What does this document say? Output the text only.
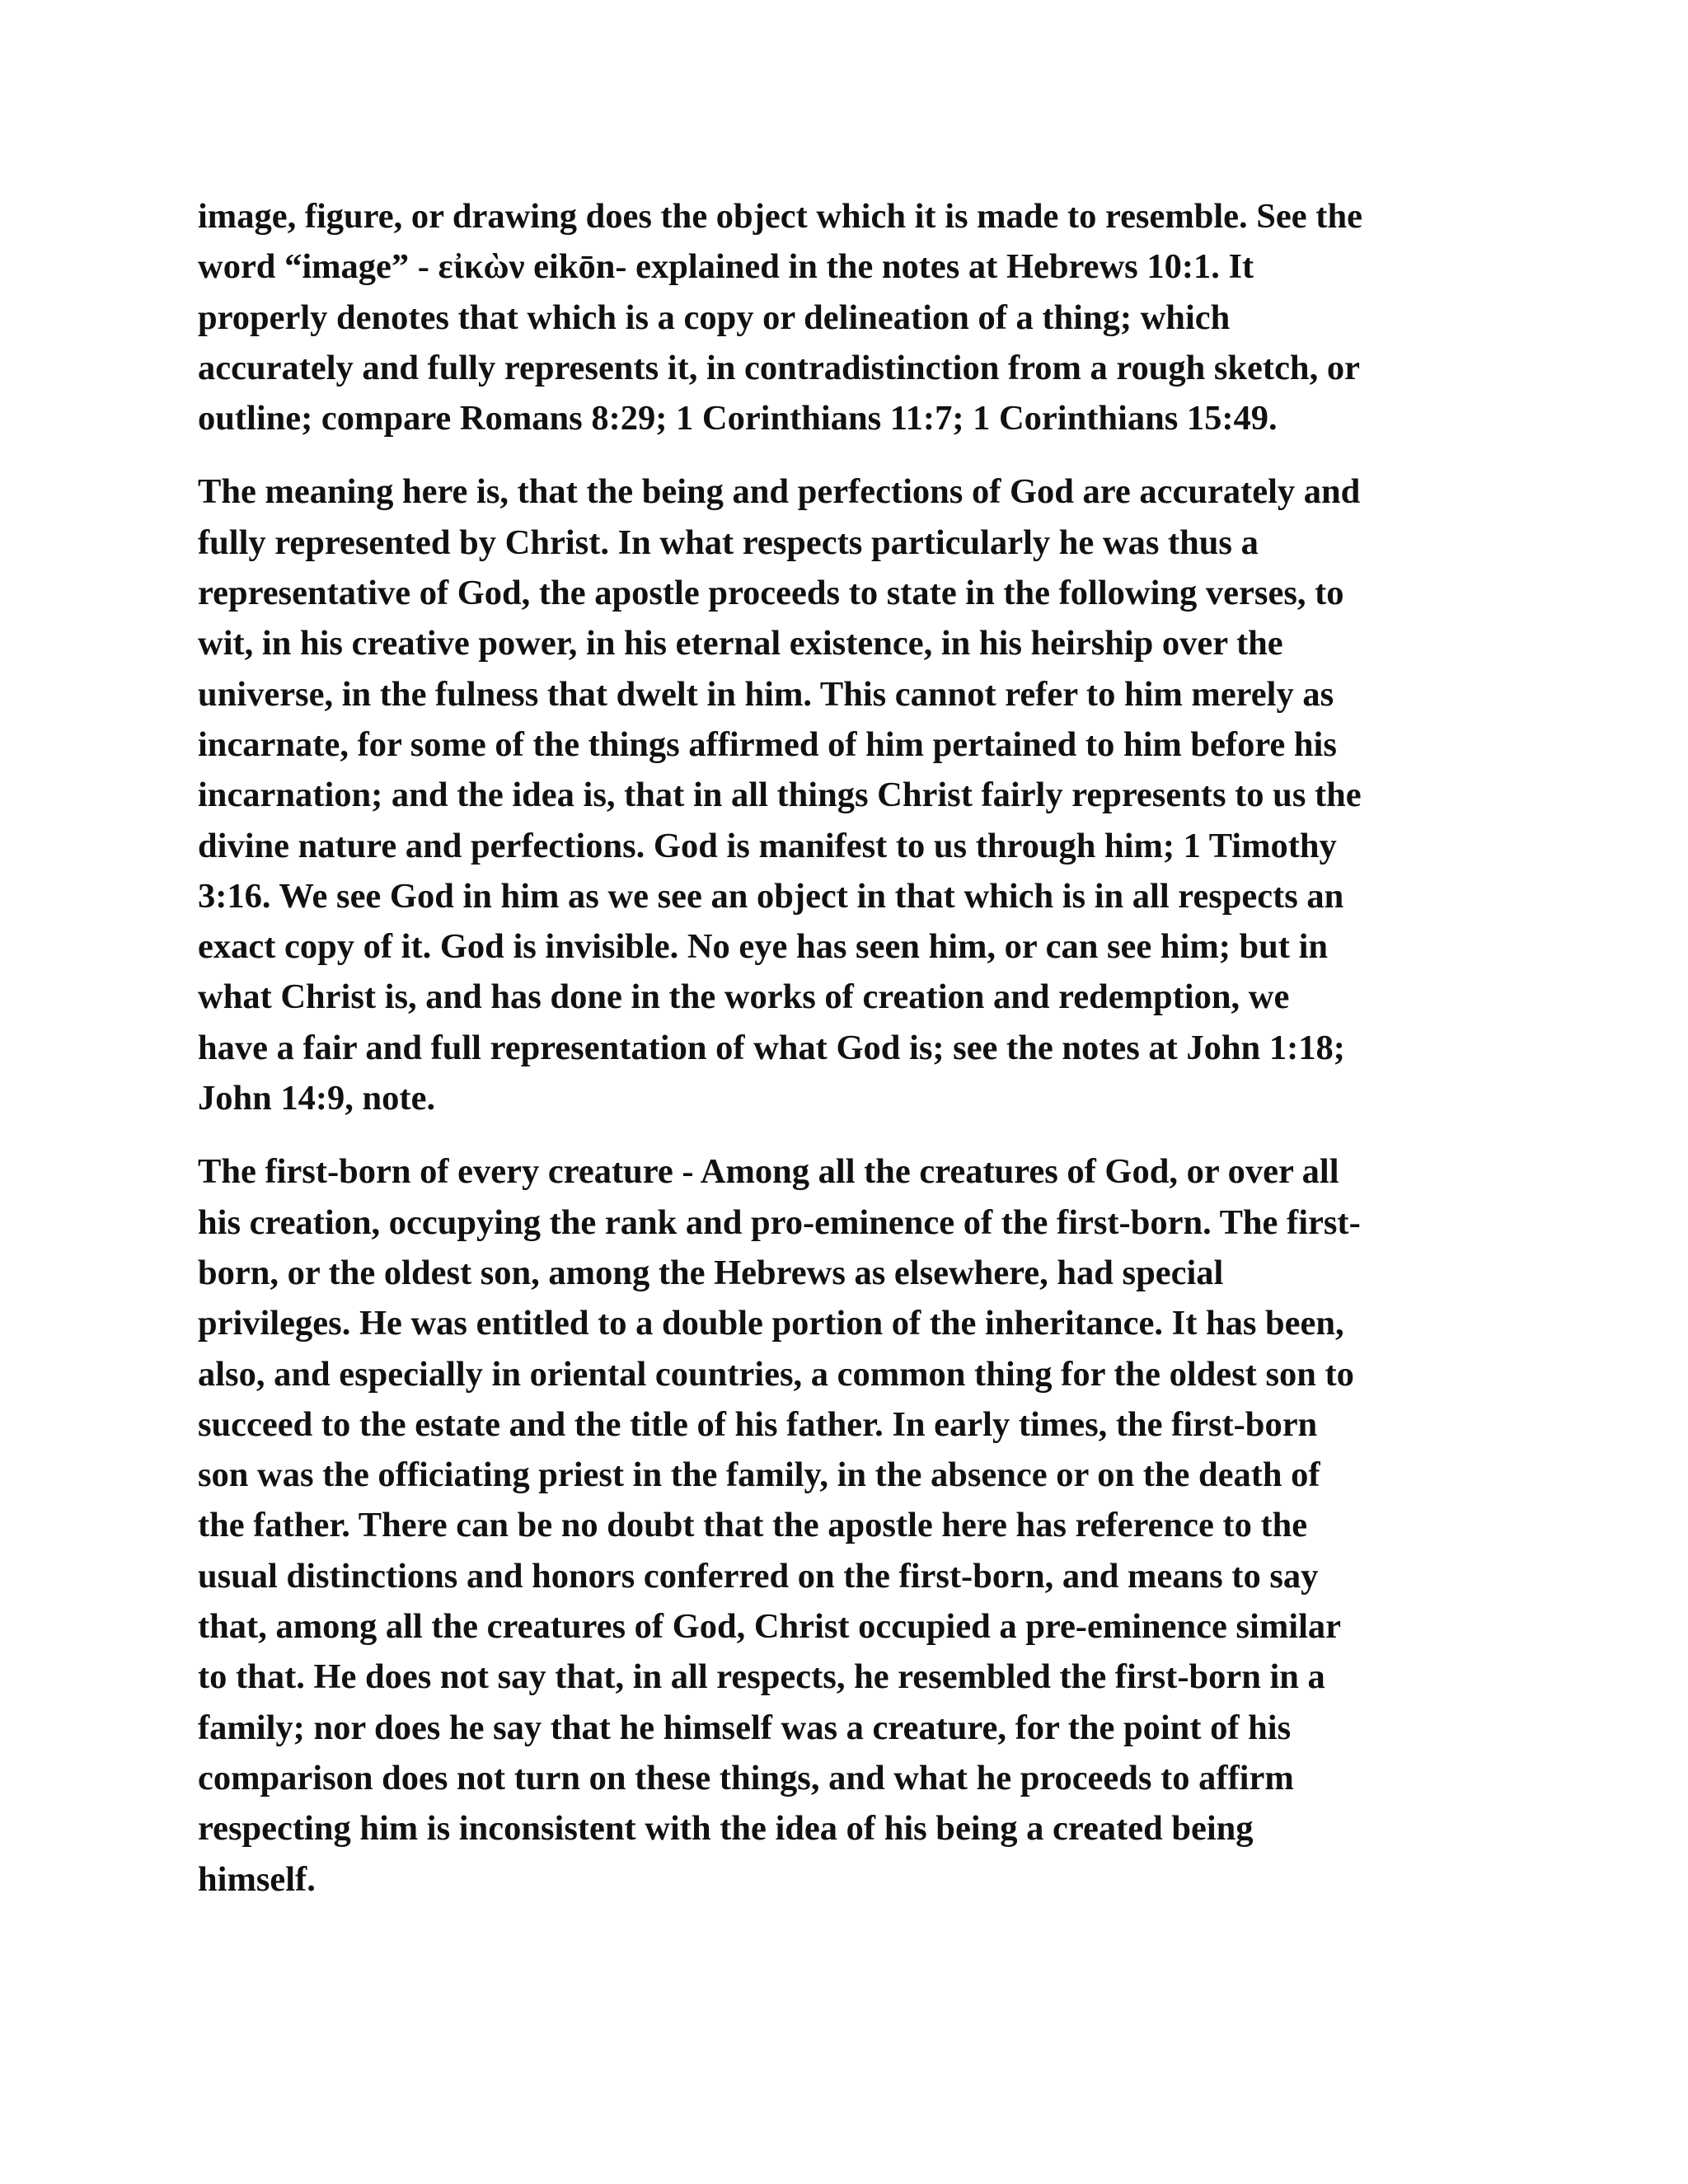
image, figure, or drawing does the object which it is made to resemble. See the
word “image” - εἰκὼν eikōn- explained in the notes at Hebrews 10:1. It
properly denotes that which is a copy or delineation of a thing; which
accurately and fully represents it, in contradistinction from a rough sketch, or
outline; compare Romans 8:29; 1 Corinthians 11:7; 1 Corinthians 15:49.

The meaning here is, that the being and perfections of God are accurately and
fully represented by Christ. In what respects particularly he was thus a
representative of God, the apostle proceeds to state in the following verses, to
wit, in his creative power, in his eternal existence, in his heirship over the
universe, in the fulness that dwelt in him. This cannot refer to him merely as
incarnate, for some of the things affirmed of him pertained to him before his
incarnation; and the idea is, that in all things Christ fairly represents to us the
divine nature and perfections. God is manifest to us through him; 1 Timothy
3:16. We see God in him as we see an object in that which is in all respects an
exact copy of it. God is invisible. No eye has seen him, or can see him; but in
what Christ is, and has done in the works of creation and redemption, we
have a fair and full representation of what God is; see the notes at John 1:18;
John 14:9, note.

The first-born of every creature - Among all the creatures of God, or over all
his creation, occupying the rank and pro-eminence of the first-born. The first-
born, or the oldest son, among the Hebrews as elsewhere, had special
privileges. He was entitled to a double portion of the inheritance. It has been,
also, and especially in oriental countries, a common thing for the oldest son to
succeed to the estate and the title of his father. In early times, the first-born
son was the officiating priest in the family, in the absence or on the death of
the father. There can be no doubt that the apostle here has reference to the
usual distinctions and honors conferred on the first-born, and means to say
that, among all the creatures of God, Christ occupied a pre-eminence similar
to that. He does not say that, in all respects, he resembled the first-born in a
family; nor does he say that he himself was a creature, for the point of his
comparison does not turn on these things, and what he proceeds to affirm
respecting him is inconsistent with the idea of his being a created being
himself.
